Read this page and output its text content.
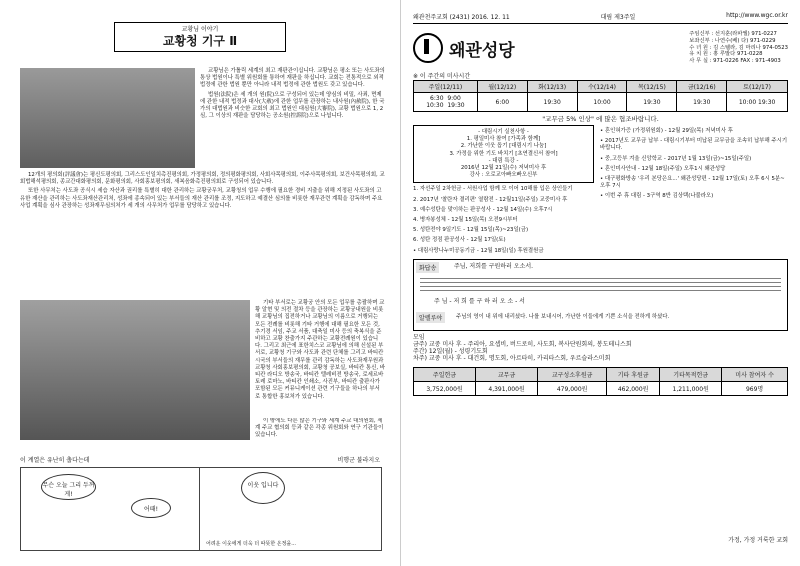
교황님 이야기
교황청 기구 Ⅱ

교황님은 가톨릭 세계의 최고 재판관이십니다. 교황님은 평소 또는 사도좌의 통상 법원이나 특별 위원회를 통하여 재판을 하십니다. 교회는 전통적으로 외적 법정에 관한 법원 뿐만 아니라 내적 법정에 관한 법원도 갖고 있습니다.

법원(法院)은 세 개의 원(院)으로 구성되어 있는데 양심의 비밀, 사죄, 면제에 관한 내적 법정과 대사(大赦)에 관한 업무를 관장하는 내사원(內赦院), 한 국가의 대법원과 비슷한 교회의 최고 법원인 대심원(大審院), 교황 법원으로 1, 2심, 그 이상의 재판을 담당하는 공소원(控訴院)으로 나뉩니다.

12개의 평의회(評議會)는 평신도평의회, 그리스도인일치촉진평의회, 가정평의회, 정의평화평의회, 사회사목평의회, 이주사목평의회, 보건사목평의회, 교회법해석평의회, 종교간대화평의회, 문화평의회, 사회홍보평의회, 새복음화촉진평의회로 구성되어 있습니다.

또한 사무처는 사도좌 공식시 세습 자산과 권리를 특별히 대한 관리하는 교황궁무처, 교황청의 업무 수행에 필요한 경비 지출을 위해 지정된 사도좌의 고유한 재산을 관리하는 사도좌재산관리처, 성좌에 종속되어 있는 부서들의 재산 관리를 조정, 지도하고 예결산 심의를 비롯한 재무관련 계획을 감독하며 주요 사업 계획을 심사 관장하는 성좌재무심의처가 세 개의 사무처가 업무를 담당하고 있습니다.

기타 부서로는 교황궁 안의 모든 업무를 총괄하며 교황 알현 및 의전 절차 등을 관장하는 교황궁내원을 비롯해 교황님의 집전하거나 교황님의 이름으로 거행되는 모든 전례를 비롯해 기타 거행에 대해 필요한 모든 것, 추기경 서임, 주교 서품, 대축일 미사 등의 축복식을 준비하고 교황 찬출가지 주관하는 교황전례원이 있습니다. 그리고 최근에 표한치스코 교황님에 의해 신설된 부서로, 교황청 기구와 사도좌 관련 단체를 그리고 바티칸 시국의 부서들의 재무를 관리 감독하는 사도좌재무원과 교황청 사회홍보평의회, 교황청 공보실, 바티칸 통신, 바티칸 라디오 방송국, 바티칸 텔레비전 방송국, 로세르바토레 로마노, 바티칸 인쇄소, 사진부, 바티칸 출판사가 포함된 모든 커뮤니케이션 관련 기구들을 하나의 부서로 통합한 홍보처가 있습니다.

이 밖에도 다른 많은 기구와 세계 주교 대의원회, 세계 주교 협의회 등과 같은 각종 위원회와 연구 기관들이 있습니다.

이 계열은 유난히 춥다는데	비행군 불라지오
무슨 오늘 그리 두꺼게!
어때!
이웃 입니다
어려운 이웃에게 더욱 더 따뜻한 온정을...
왜관천주교회 (2431) 2016. 12. 11	대림 제3주일	http://www.wgc.or.kr
왜관성당
주임신부 : 선지훈(라파엘) 971-0227
보좌신부 : 나연수(베) 다) 971-0229
수 녀 원 : 김 스텔라, 김 마리나 974-0523
유 치 원 : 홍 루발다 971-0228
사 무 실 : 971-0226 FAX : 971-4903
※ 이 주간의 미사시간
주일(12/11)	월(12/12)	화(12/13)	수(12/14)	목(12/15)	금(12/16)	토(12/17)
6:30  9:00
10:30  19:30	6:00	19:30	10:00	19:30	19:30	10:00 19:30
"교무금 5% 인상" 에 많은 협조바랍니다.
- 대림시기 실천사항 -
1. 평일미사 참여 [가족과 함께]
2. 가난한 이웃 돕기 [대림시기 나눔]
3. 가정을 위한 기도 바치기 [초연결신서 참여]
- 대림 특강 -
2016년 12월 21일(수) 저녁미사 후
강사 : 오로교아빠오빠오신부
1. 자선주일 2차헌금 - 서원사업 함께 모 이어 10해를 입은 상인들기
2. 2017년 '찰란자 결리편' 열람전 - 12월11일(주일) 교중미사 후
3. 예수성탄을 맞이하는 판공성사 - 12월 14일(수) 오후7시
4. 병자봉성체 - 12월 15일(목) 오전9시부터
5. 성탄전야 9일기도 - 12월 15일(목)~23일(금)
6. 성탄 정점 판공성사 - 12월 17일(토)
• 대림사랑나누미공동기금 - 12월 18일(일) 후원결원금
• 혼인혀가증 (가정위원회) - 12월 29일(목) 저녁미사 후
• 2017년도 교무금 납부 - 대림시기부터 미납된 교무금을 조속히 납부해 주시기 바랍니다.
• 중,고등부 겨울 신앙학교 - 2017년 1월 13일(금)~15일(주일)
• 혼인미사안내 - 12월 18일(주일) 오후1시 왜관성당
• 대구평화방송 '우리 본당은요...' 왜관성당편 - 12월 17일(토) 오후 6시 5분~오후 7시
• 이번 주 휴 대림 - 3구역 8반 김상택(나불라오)
화답송	주님, 저희를 구원하러 오소서.
주 님 - 저 희 를 구 하 러 오 소 - 서
알렐루야	주님의 영이 내 위에 내리셨다. 나를 보내시어, 가난한 이들에게 기쁜 소식을 전하게 하셨다.
모임
금주) 교중 미사 후 - 주리아, 요셉비, 버드로히, 사도회, 복사단원회의, 봉도테니스회
주간) 12일(월) - 성령기도회
차주) 교중 미사 후 - 대건회, 명도회, 아르타히, 카리타스회, 우르슬라스미회
주일헌금	교무금	교구성소후원금	기타 후원금	기타목적헌금	미사 참여자 수
3,752,000원	4,391,000원	479,000원	462,000원	1,211,000원	969명
가정, 가정 거룩한 교회
